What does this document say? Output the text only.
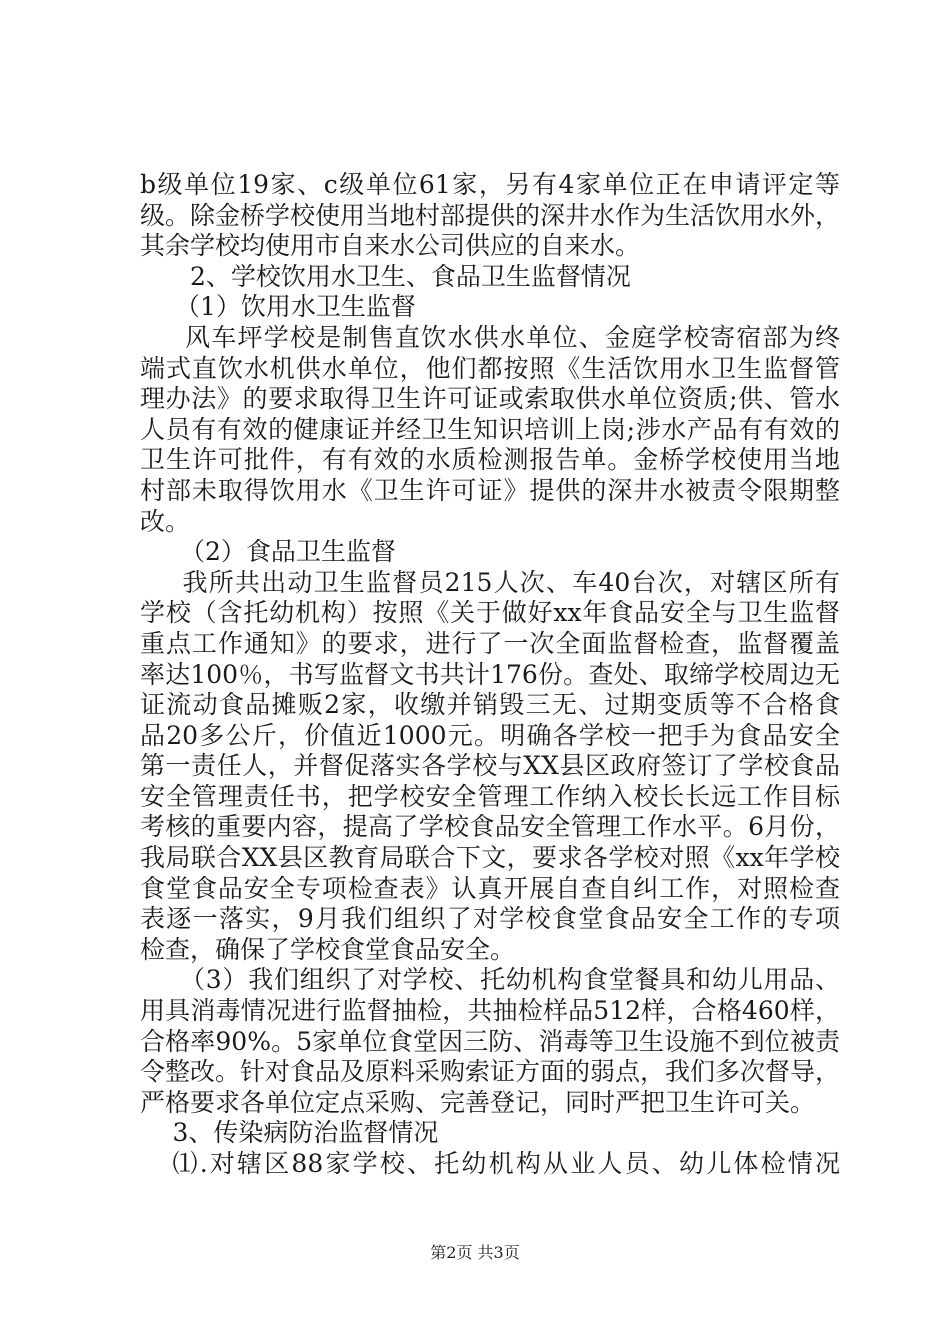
b级单位19家、c级单位61家，另有4家单位正在申请评定等
级。除金桥学校使用当地村部提供的深井水作为生活饮用水外，
其余学校均使用市自来水公司供应的自来水。
2、学校饮用水卫生、食品卫生监督情况
（1）饮用水卫生监督
风车坪学校是制售直饮水供水单位、金庭学校寄宿部为终
端式直饮水机供水单位，他们都按照《生活饮用水卫生监督管
理办法》的要求取得卫生许可证或索取供水单位资质;供、管水
人员有有效的健康证并经卫生知识培训上岗;涉水产品有有效的
卫生许可批件，有有效的水质检测报告单。金桥学校使用当地
村部未取得饮用水《卫生许可证》提供的深井水被责令限期整
改。
（2）食品卫生监督
我所共出动卫生监督员215人次、车40台次，对辖区所有
学校（含托幼机构）按照《关于做好xx年食品安全与卫生监督
重点工作通知》的要求，进行了一次全面监督检查，监督覆盖
率达100％，书写监督文书共计176份。查处、取缔学校周边无
证流动食品摊贩2家，收缴并销毁三无、过期变质等不合格食
品20多公斤，价值近1000元。明确各学校一把手为食品安全
第一责任人，并督促落实各学校与XX县区政府签订了学校食品
安全管理责任书，把学校安全管理工作纳入校长长远工作目标
考核的重要内容，提高了学校食品安全管理工作水平。6月份，
我局联合XX县区教育局联合下文，要求各学校对照《xx年学校
食堂食品安全专项检查表》认真开展自查自纠工作，对照检查
表逐一落实，9月我们组织了对学校食堂食品安全工作的专项
检查，确保了学校食堂食品安全。
（3）我们组织了对学校、托幼机构食堂餐具和幼儿用品、
用具消毒情况进行监督抽检，共抽检样品512样，合格460样，
合格率90%。5家单位食堂因三防、消毒等卫生设施不到位被责
令整改。针对食品及原料采购索证方面的弱点，我们多次督导，
严格要求各单位定点采购、完善登记，同时严把卫生许可关。
3、传染病防治监督情况
⑴.对辖区88家学校、托幼机构从业人员、幼儿体检情况
第2页 共3页
